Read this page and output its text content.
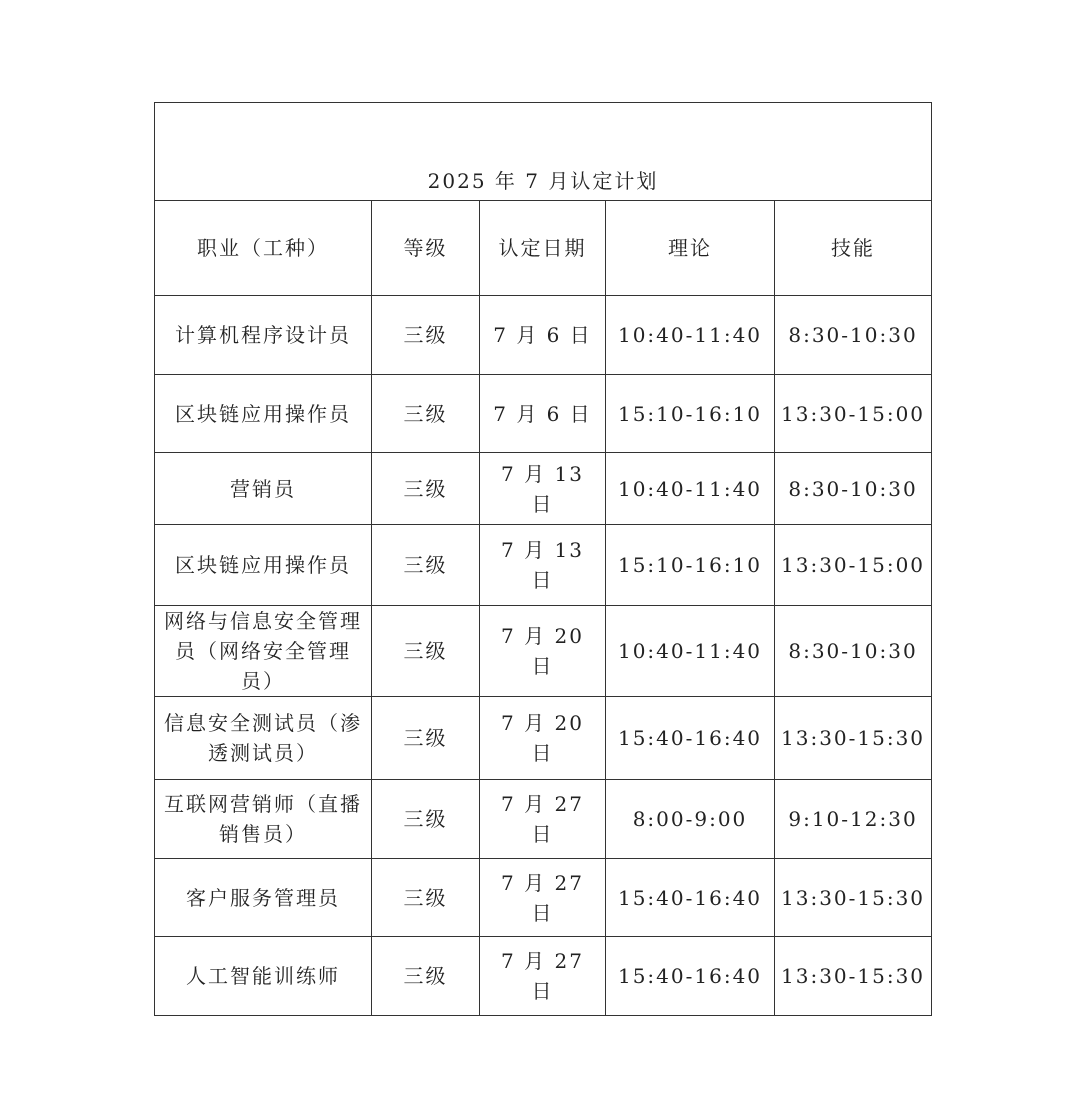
2025 年 7 月认定计划				
职业（工种）	等级	认定日期	理论	技能
计算机程序设计员	三级	7 月 6 日	10:40-11:40	8:30-10:30
区块链应用操作员	三级	7 月 6 日	15:10-16:10	13:30-15:00
营销员	三级	7 月 13 日	10:40-11:40	8:30-10:30
区块链应用操作员	三级	7 月 13 日	15:10-16:10	13:30-15:00
网络与信息安全管理员（网络安全管理员）	三级	7 月 20 日	10:40-11:40	8:30-10:30
信息安全测试员（渗透测试员）	三级	7 月 20 日	15:40-16:40	13:30-15:30
互联网营销师（直播销售员）	三级	7 月 27 日	8:00-9:00	9:10-12:30
客户服务管理员	三级	7 月 27 日	15:40-16:40	13:30-15:30
人工智能训练师	三级	7 月 27 日	15:40-16:40	13:30-15:30
